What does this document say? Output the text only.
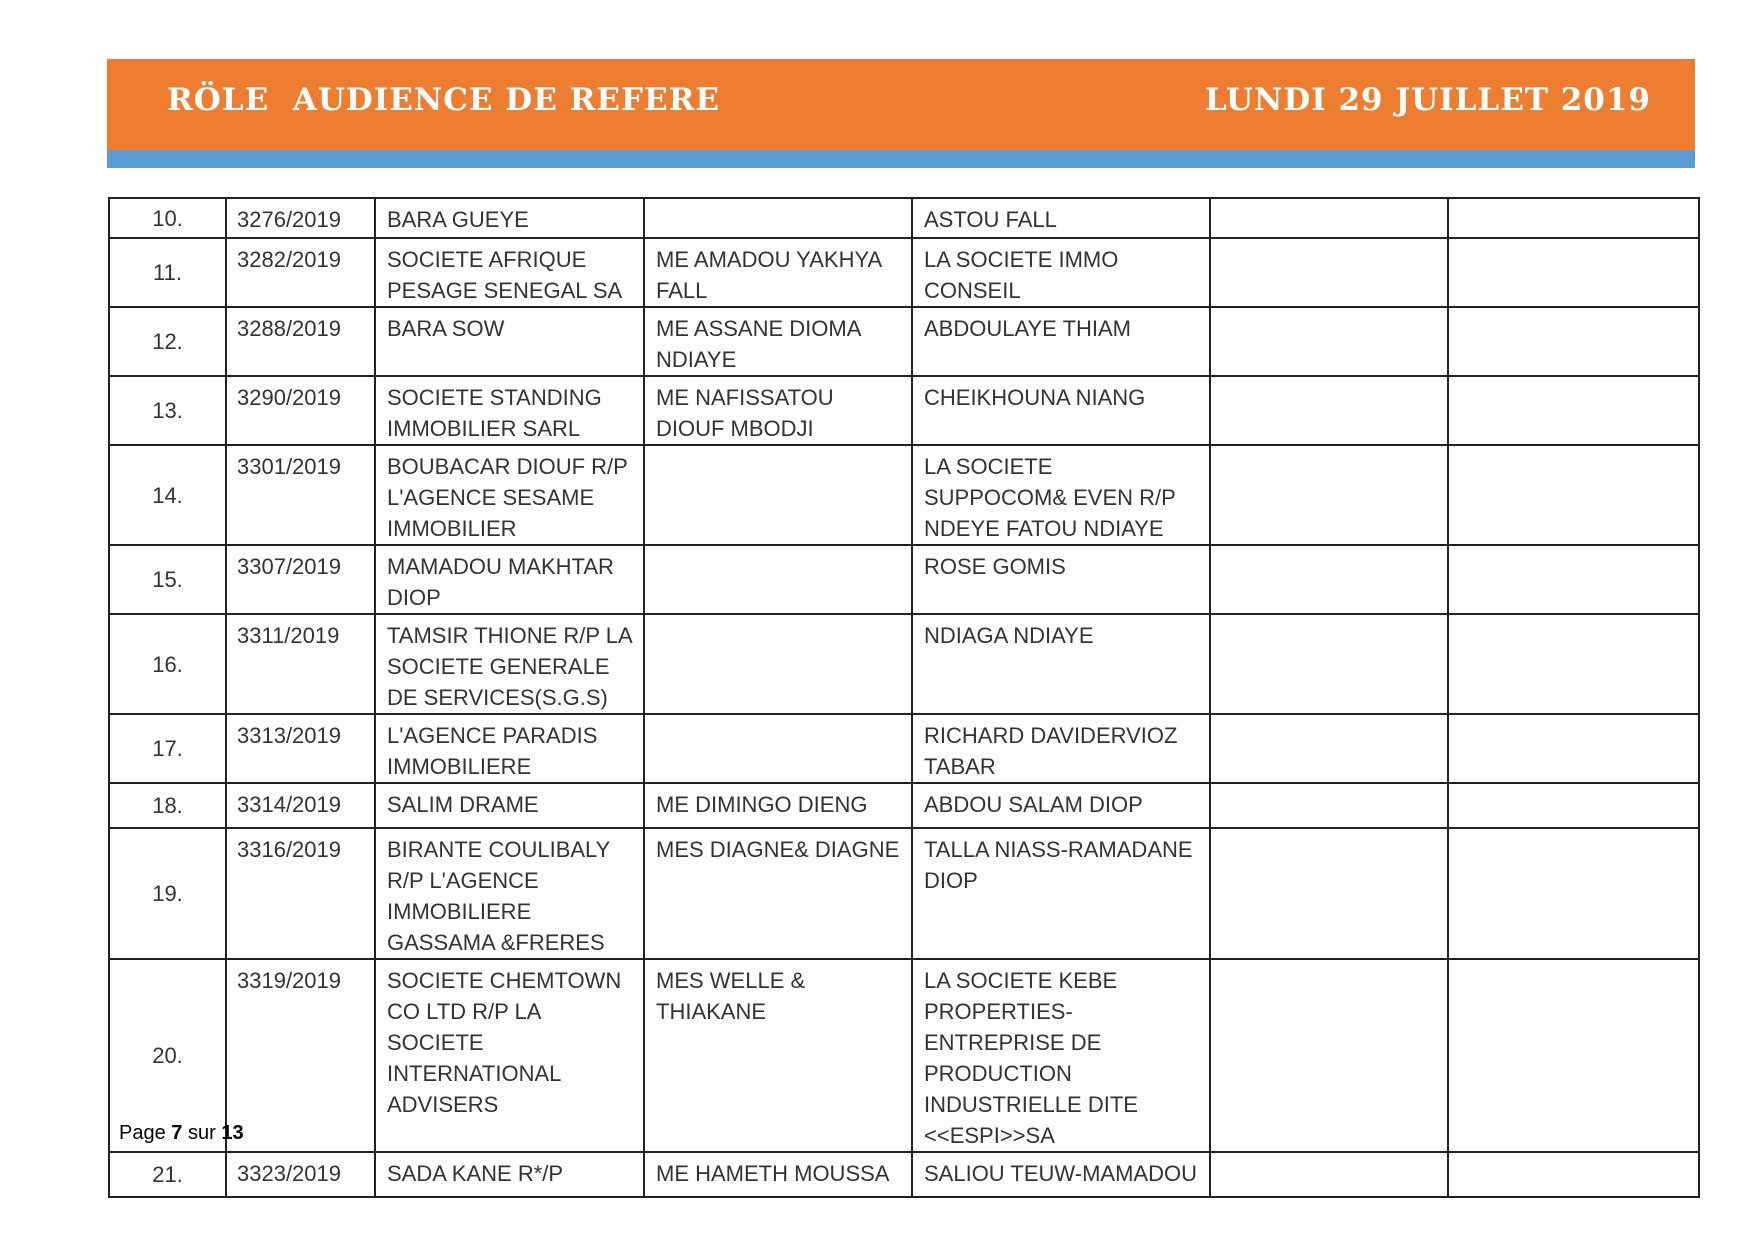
RÖLE  AUDIENCE DE REFERE	LUNDI 29 JUILLET 2019
10.	3276/2019	BARA GUEYE		ASTOU FALL		
11.	3282/2019	SOCIETE AFRIQUE PESAGE SENEGAL SA	ME AMADOU YAKHYA FALL	LA SOCIETE IMMO CONSEIL		
12.	3288/2019	BARA SOW	ME ASSANE DIOMA NDIAYE	ABDOULAYE THIAM		
13.	3290/2019	SOCIETE STANDING IMMOBILIER SARL	ME NAFISSATOU DIOUF MBODJI	CHEIKHOUNA NIANG		
14.	3301/2019	BOUBACAR DIOUF R/P L'AGENCE SESAME IMMOBILIER		LA SOCIETE SUPPOCOM& EVEN R/P NDEYE FATOU NDIAYE		
15.	3307/2019	MAMADOU MAKHTAR DIOP		ROSE GOMIS		
16.	3311/2019	TAMSIR THIONE R/P LA SOCIETE GENERALE DE SERVICES(S.G.S)		NDIAGA NDIAYE		
17.	3313/2019	L'AGENCE PARADIS IMMOBILIERE		RICHARD DAVIDERVIOZ TABAR		
18.	3314/2019	SALIM DRAME	ME DIMINGO DIENG	ABDOU SALAM DIOP		
19.	3316/2019	BIRANTE COULIBALY R/P L'AGENCE IMMOBILIERE GASSAMA &FRERES	MES DIAGNE& DIAGNE	TALLA NIASS-RAMADANE DIOP		
20.	3319/2019	SOCIETE CHEMTOWN CO LTD R/P LA SOCIETE INTERNATIONAL ADVISERS	MES WELLE & THIAKANE	LA SOCIETE KEBE PROPERTIES-ENTREPRISE DE PRODUCTION INDUSTRIELLE DITE <<ESPI>>SA		
21.	3323/2019	SADA KANE R*/P	ME HAMETH MOUSSA	SALIOU TEUW-MAMADOU		
Page 7 sur 13
